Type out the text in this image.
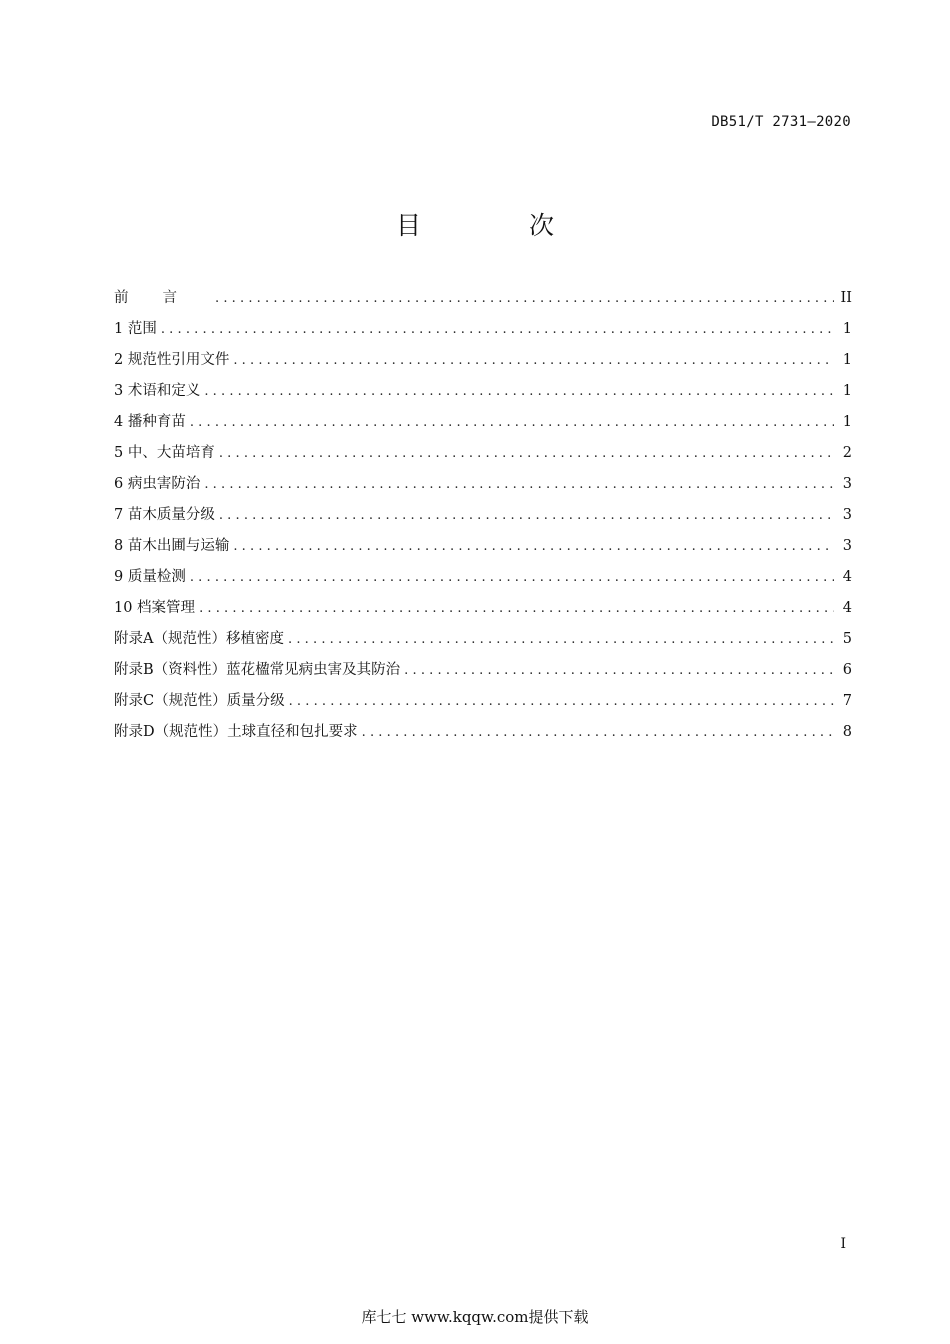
DB51/T 2731—2020
目 次
前言 .....	II
1 范围 .....	1
2 规范性引用文件 .....	1
3 术语和定义 .....	1
4 播种育苗 .....	1
5 中、大苗培育 .....	2
6 病虫害防治 .....	3
7 苗木质量分级 .....	3
8 苗木出圃与运输 .....	3
9 质量检测 .....	4
10 档案管理 .....	4
附录A（规范性）移植密度 .....	5
附录B（资料性）蓝花楹常见病虫害及其防治 .....	6
附录C（规范性）质量分级 .....	7
附录D（规范性）土球直径和包扎要求 .....	8
I
库七七 www.kqqw.com提供下载
